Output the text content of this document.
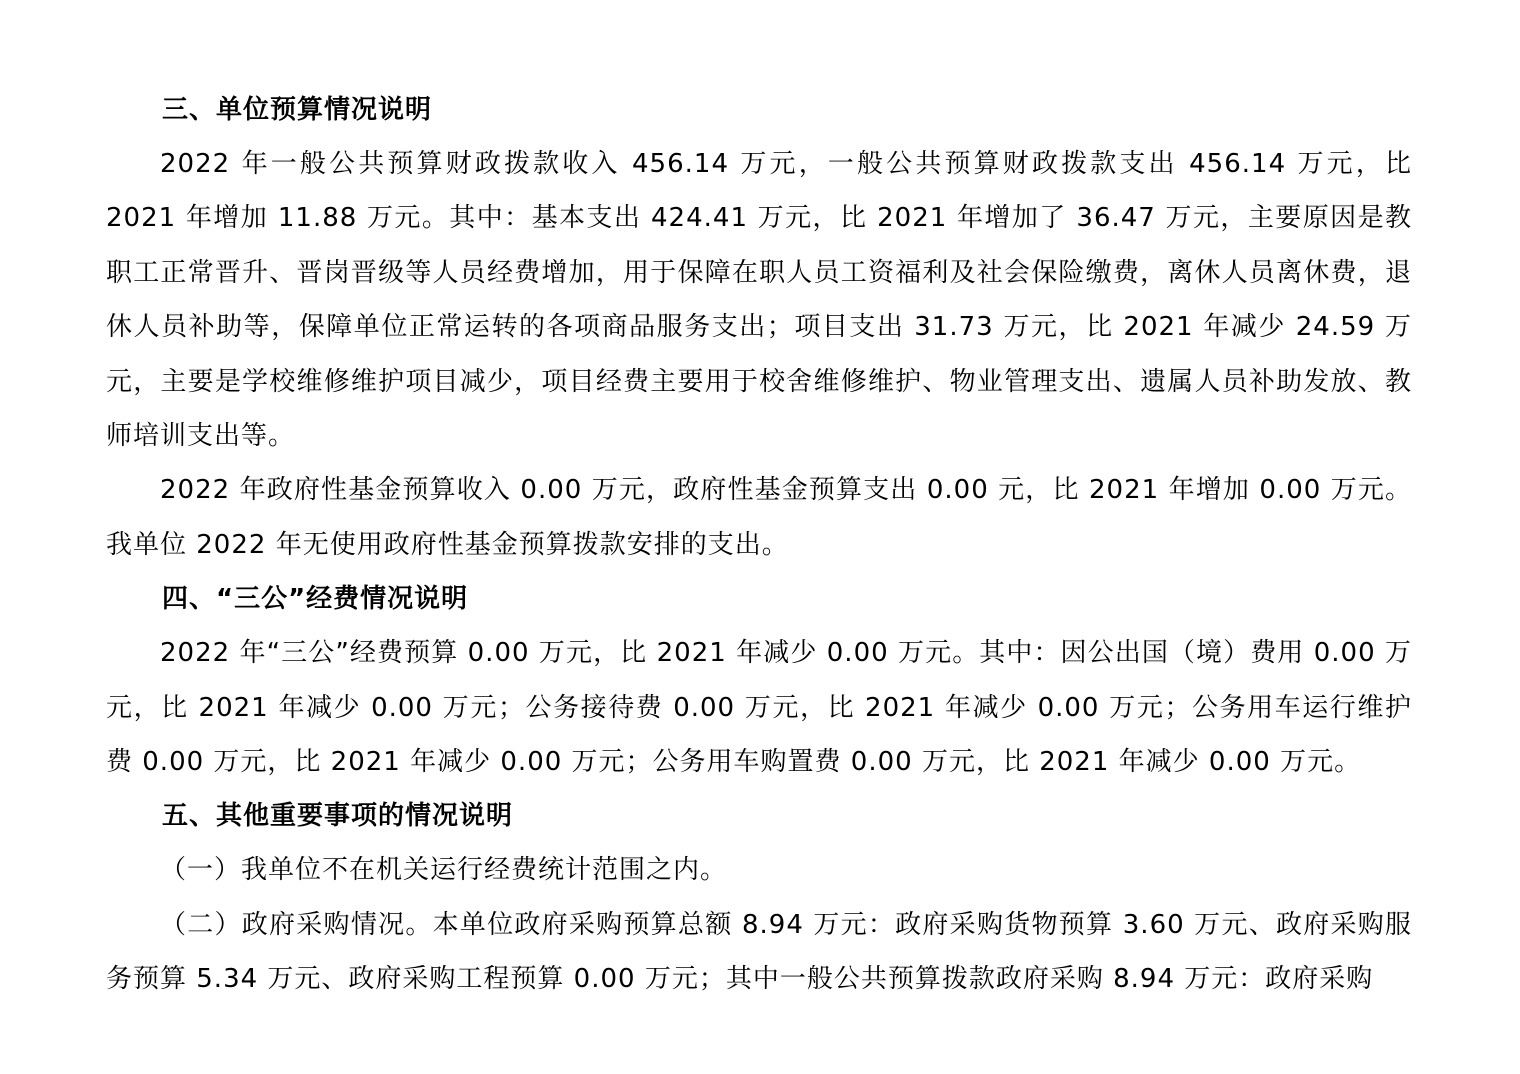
三、单位预算情况说明

2022 年一般公共预算财政拨款收入 456.14 万元，一般公共预算财政拨款支出 456.14 万元，比 2021 年增加 11.88 万元。其中：基本支出 424.41 万元，比 2021 年增加了 36.47 万元，主要原因是教职工正常晋升、晋岗晋级等人员经费增加，用于保障在职人员工资福利及社会保险缴费，离休人员离休费，退休人员补助等，保障单位正常运转的各项商品服务支出；项目支出 31.73 万元，比 2021 年减少 24.59 万元，主要是学校维修维护项目减少，项目经费主要用于校舍维修维护、物业管理支出、遗属人员补助发放、教师培训支出等。

2022 年政府性基金预算收入 0.00 万元，政府性基金预算支出 0.00 元，比 2021 年增加 0.00 万元。我单位 2022 年无使用政府性基金预算拨款安排的支出。

四、“三公”经费情况说明

2022 年“三公”经费预算 0.00 万元，比 2021 年减少 0.00 万元。其中：因公出国（境）费用 0.00 万元，比 2021 年减少 0.00 万元；公务接待费 0.00 万元，比 2021 年减少 0.00 万元；公务用车运行维护费 0.00 万元，比 2021 年减少 0.00 万元；公务用车购置费 0.00 万元，比 2021 年减少 0.00 万元。

五、其他重要事项的情况说明

（一）我单位不在机关运行经费统计范围之内。

（二）政府采购情况。本单位政府采购预算总额 8.94 万元：政府采购货物预算 3.60 万元、政府采购服务预算 5.34 万元、政府采购工程预算 0.00 万元；其中一般公共预算拨款政府采购 8.94 万元：政府采购
